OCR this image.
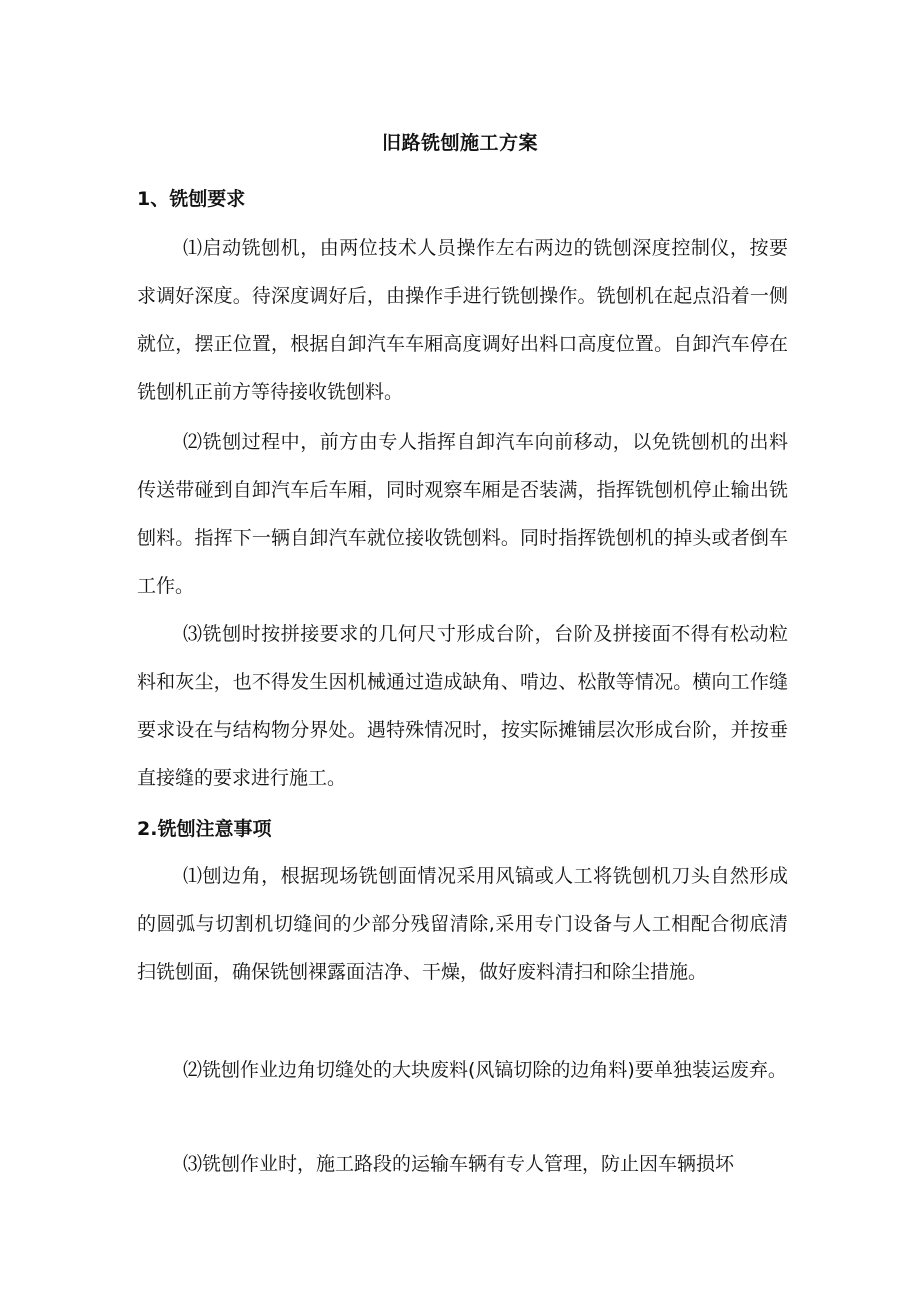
旧路铣刨施工方案
1、铣刨要求

⑴启动铣刨机，由两位技术人员操作左右两边的铣刨深度控制仪，按要求调好深度。待深度调好后，由操作手进行铣刨操作。铣刨机在起点沿着一侧就位，摆正位置，根据自卸汽车车厢高度调好出料口高度位置。自卸汽车停在铣刨机正前方等待接收铣刨料。

⑵铣刨过程中，前方由专人指挥自卸汽车向前移动，以免铣刨机的出料传送带碰到自卸汽车后车厢，同时观察车厢是否装满，指挥铣刨机停止输出铣刨料。指挥下一辆自卸汽车就位接收铣刨料。同时指挥铣刨机的掉头或者倒车工作。

⑶铣刨时按拼接要求的几何尺寸形成台阶，台阶及拼接面不得有松动粒料和灰尘，也不得发生因机械通过造成缺角、啃边、松散等情况。横向工作缝要求设在与结构物分界处。遇特殊情况时，按实际摊铺层次形成台阶，并按垂直接缝的要求进行施工。

2.铣刨注意事项

⑴刨边角，根据现场铣刨面情况采用风镐或人工将铣刨机刀头自然形成的圆弧与切割机切缝间的少部分残留清除,采用专门设备与人工相配合彻底清扫铣刨面，确保铣刨裸露面洁净、干燥，做好废料清扫和除尘措施。

⑵铣刨作业边角切缝处的大块废料(风镐切除的边角料)要单独装运废弃。

⑶铣刨作业时，施工路段的运输车辆有专人管理，防止因车辆损坏
